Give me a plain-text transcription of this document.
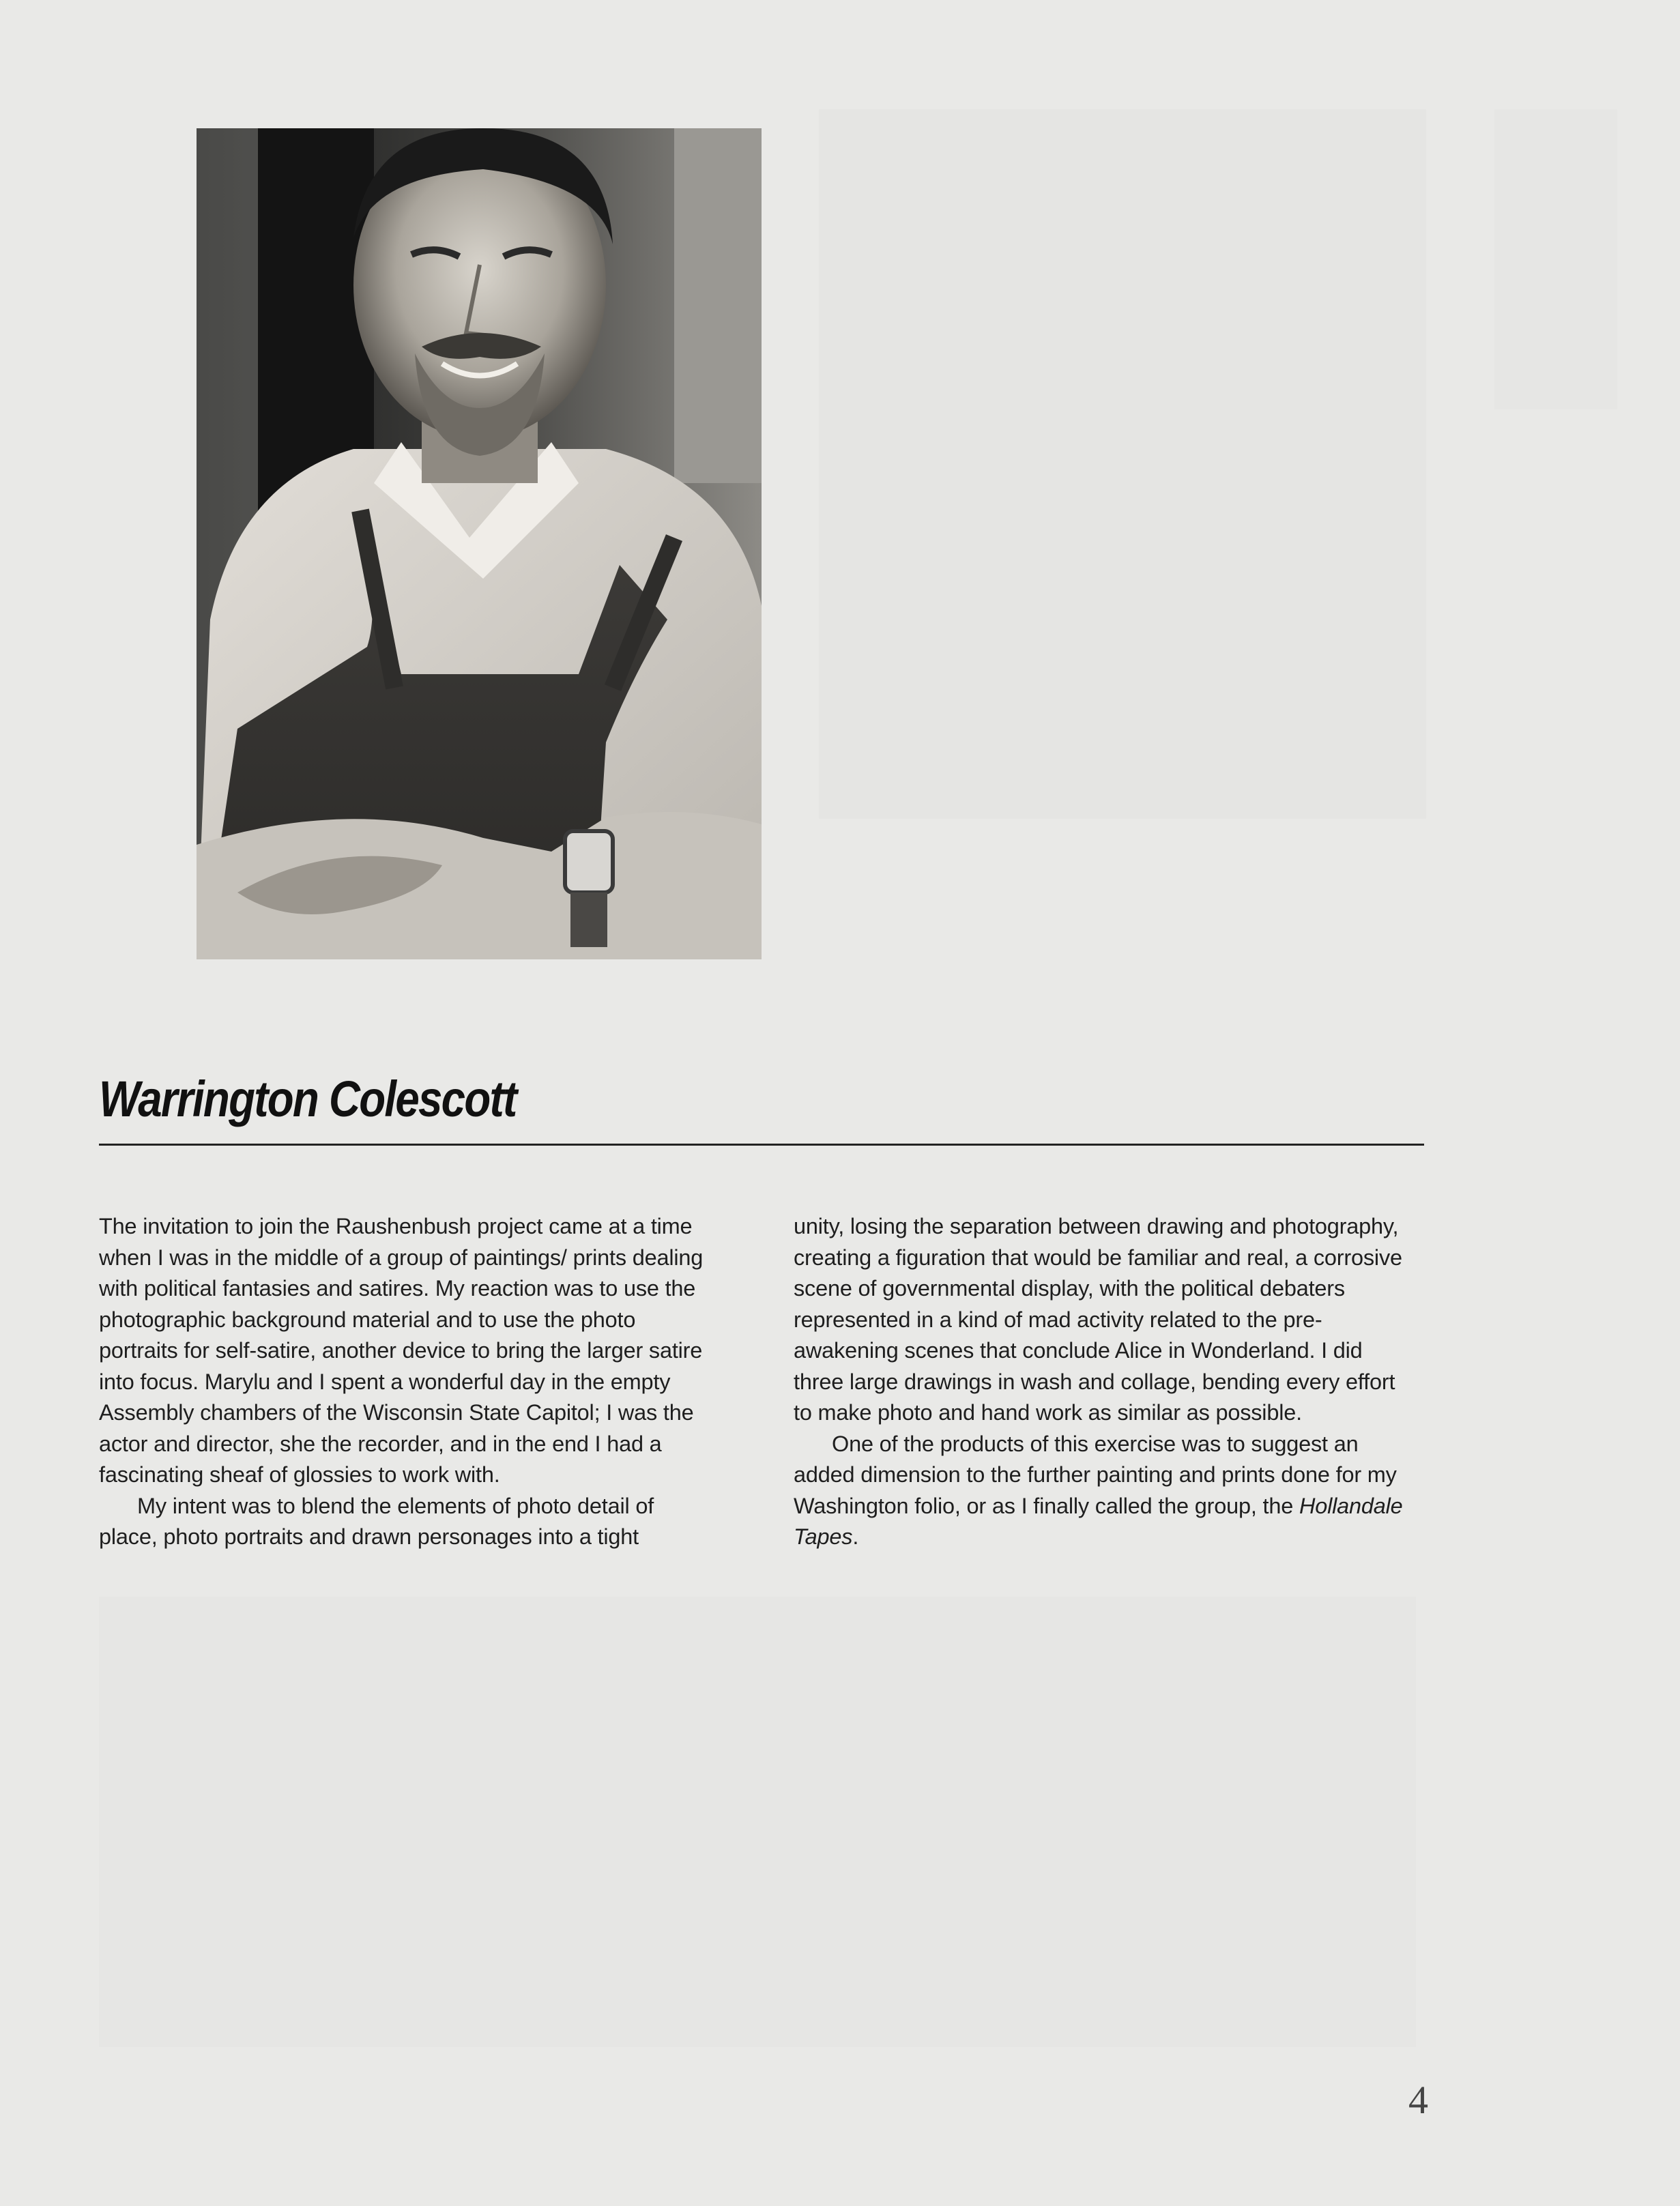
Warrington Colescott

The invitation to join the Raushenbush project came at a time when I was in the middle of a group of paintings/ prints dealing with political fantasies and satires. My reaction was to use the photographic background material and to use the photo portraits for self-satire, another device to bring the larger satire into focus. Marylu and I spent a wonderful day in the empty Assembly chambers of the Wisconsin State Capitol; I was the actor and director, she the recorder, and in the end I had a fascinating sheaf of glossies to work with.

My intent was to blend the elements of photo detail of place, photo portraits and drawn personages into a tight

unity, losing the separation between drawing and photography, creating a figuration that would be familiar and real, a corrosive scene of governmental display, with the political debaters represented in a kind of mad activity related to the pre-awakening scenes that conclude Alice in Wonderland. I did three large drawings in wash and collage, bending every effort to make photo and hand work as similar as possible.

One of the products of this exercise was to suggest an added dimension to the further painting and prints done for my Washington folio, or as I finally called the group, the Hollandale Tapes.

4
